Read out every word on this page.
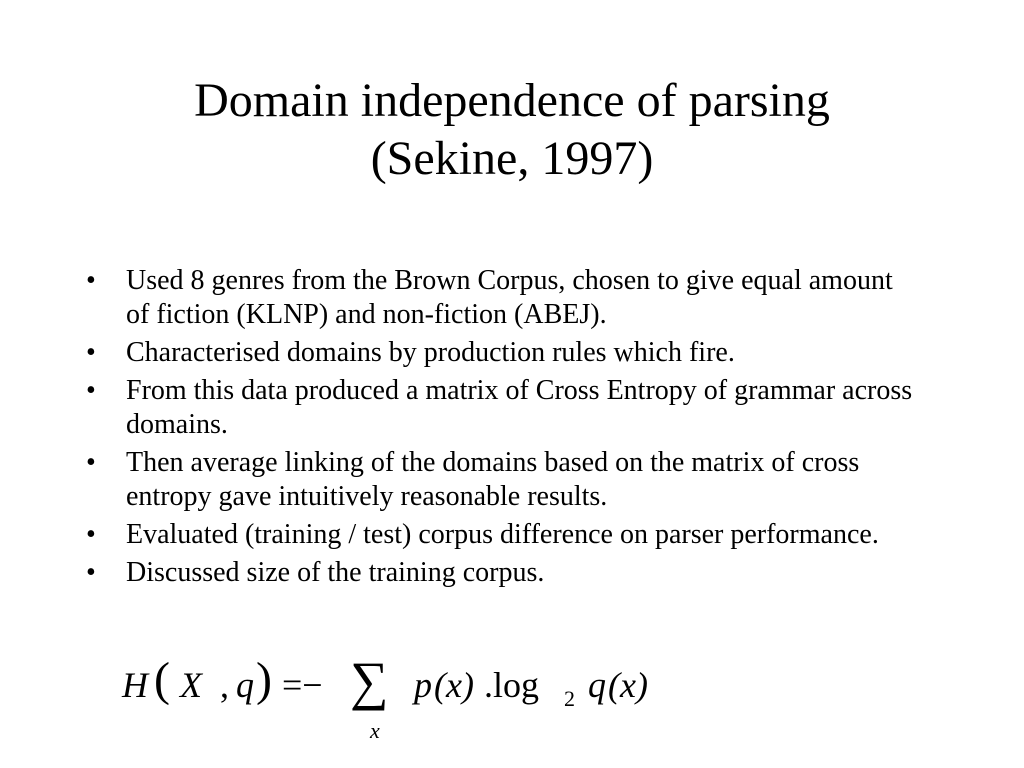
Domain independence of parsing
(Sekine, 1997)
• Used 8 genres from the Brown Corpus, chosen to give equal amount of fiction (KLNP) and non-fiction (ABEJ).
• Characterised domains by production rules which fire.
• From this data produced a matrix of Cross Entropy of grammar across domains.
• Then average linking of the domains based on the matrix of cross entropy gave intuitively reasonable results.
• Evaluated (training / test) corpus difference on parser performance.
• Discussed size of the training corpus.
H ( X , q ) =− ∑
x
p (x) .log 2 q (x)
